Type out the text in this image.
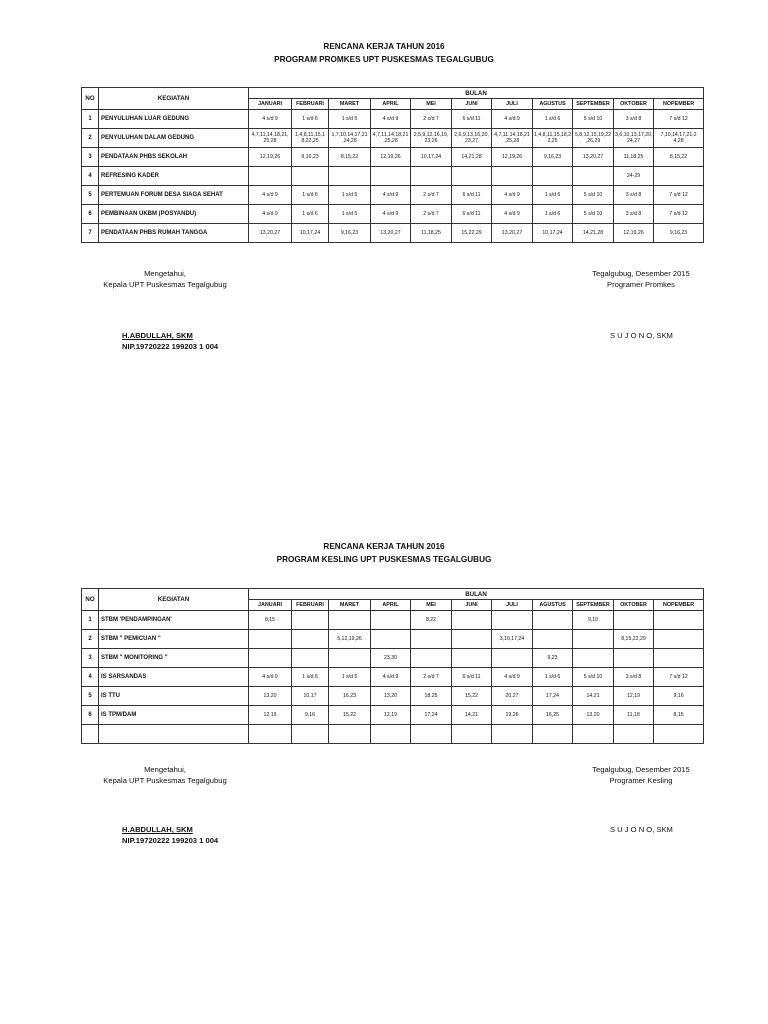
RENCANA KERJA TAHUN 2016
PROGRAM PROMKES UPT PUSKESMAS TEGALGUBUG
NO	KEGIATAN	BULAN										
		JANUARI	FEBRUARI	MARET	APRIL	MEI	JUNI	JULI	AGUSTUS	SEPTEMBER	OKTOBER	NOPEMBER
1	PENYULUHAN LUAR GEDUNG	4 s/d 9	1 s/d 6	1 s/d 5	4 s/d 9	2 s/d 7	6 s/d 11	4 s/d 9	1 s/d 6	5 s/d 10	3 s/d 8	7 s/d 12
2	PENYULUHAN DALAM GEDUNG	4,7,11,14,18,21, 25,28	1,4,8,11,15,1 8,22,25	1,7,10,14,17,21 ,24,28	4,7,11,14,18,21 ,25,28	2,5,9,12,16,19, 23,26	2,6,9,13,16,20, 23,27	4,7,11,14,18,21 ,25,28	1,4,8,11,15,18,2 2,25	5,8,12,15,19,22 ,26,29	3,6,10,13,17,20, 24,27	7,10,14,17,21,2 4,28
3	PENDATAAN PHBS SEKOLAH	12,19,26	9,16,23	8,15,22	12,19,26	10,17,24	14,21,28	12,19,26	9,16,23	13,20,27	11,18,25	8,15,22
4	REFRESING KADER										24-29	
5	PERTEMUAN FORUM DESA SIAGA SEHAT	4 s/d 9	1 s/d 6	1 s/d 5	4 s/d 9	2 s/d 7	6 s/d 11	4 s/d 9	1 s/d 6	5 s/d 10	3 s/d 8	7 s/d 12
6	PEMBINAAN UKBM (POSYANDU)	4 s/d 9	1 s/d 6	1 s/d 5	4 s/d 9	2 s/d 7	6 s/d 11	4 s/d 9	1 s/d 6	5 s/d 10	3 s/d 8	7 s/d 12
7	PENDATAAN PHBS RUMAH TANGGA	13,20,27	10,17,24	9,16,23	13,20,27	11,18,25	15,22,29	13,20,27	10,17,24	14,21,28	12,19,26	9,16,23
Mengetahui,
Kepala UPT Puskesmas Tegalgubug
H.ABDULLAH, SKM
NIP.19720222 199203 1 004
Tegalgubug, Desember 2015
Programer Promkes
S U J O N O, SKM
RENCANA KERJA TAHUN 2016
PROGRAM KESLING UPT PUSKESMAS TEGALGUBUG
NO	KEGIATAN	BULAN										
		JANUARI	FEBRUARI	MARET	APRIL	MEI	JUNI	JULI	AGUSTUS	SEPTEMBER	OKTOBER	NOPEMBER
1	STBM 'PENDAMPINGAN'	8,15				8,22				9,10		
2	STBM " PEMICUAN "			5,12,19,26				3,10,17,24			8,15,22,29	
3	STBM " MONITORING "				23,30				9,23			
4	IS SARSANDAS	4 s/d 9	1 s/d 6	1 s/d 5	4 s/d 9	2 s/d 7	6 s/d 11	4 s/d 9	1 s/d 6	5 s/d 10	3 s/d 8	7 s/d 12
5	IS TTU	13,20	10,17	16,23	13,20	18,25	15,22	20,27	17,24	14,21	12,19	9,16
6	IS TPM/DAM	12,19	9,16	15,22	12,19	17,24	14,21	19,26	16,25	13,20	11,18	8,15

Mengetahui,
Kepala UPT Puskesmas Tegalgubug
H.ABDULLAH, SKM
NIP.19720222 199203 1 004
Tegalgubug, Desember 2015
Programer Kesling
S U J O N O, SKM
